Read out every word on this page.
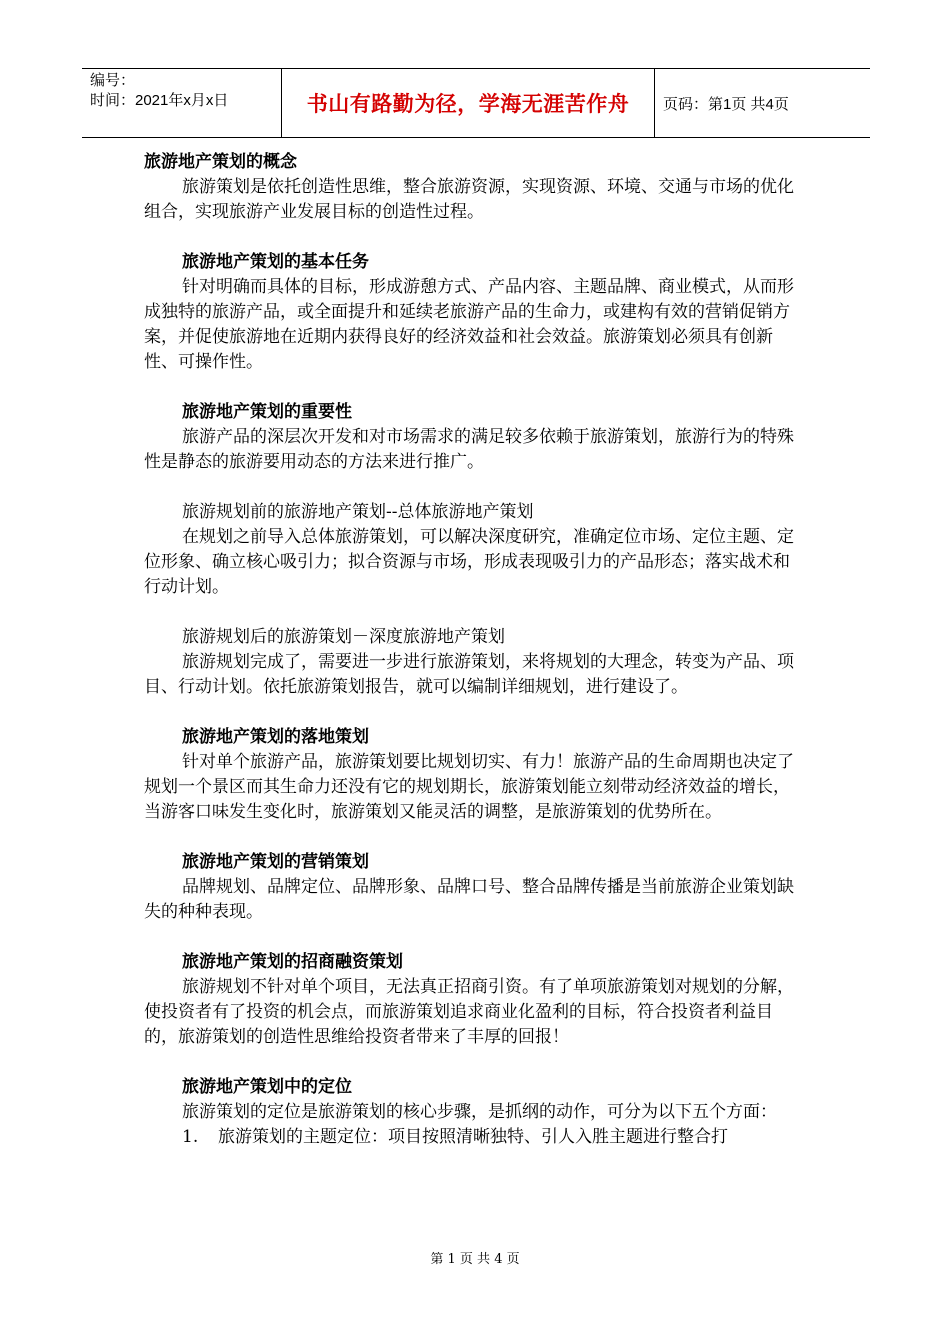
编号：
时间：2021年x月x日	书山有路勤为径，学海无涯苦作舟	页码：第1页 共4页

旅游地产策划的概念

旅游策划是依托创造性思维，整合旅游资源，实现资源、环境、交通与市场的优化组合，实现旅游产业发展目标的创造性过程。

旅游地产策划的基本任务

针对明确而具体的目标，形成游憩方式、产品内容、主题品牌、商业模式，从而形成独特的旅游产品，或全面提升和延续老旅游产品的生命力，或建构有效的营销促销方案，并促使旅游地在近期内获得良好的经济效益和社会效益。旅游策划必须具有创新性、可操作性。

旅游地产策划的重要性

旅游产品的深层次开发和对市场需求的满足较多依赖于旅游策划，旅游行为的特殊性是静态的旅游要用动态的方法来进行推广。

旅游规划前的旅游地产策划--总体旅游地产策划

在规划之前导入总体旅游策划，可以解决深度研究，准确定位市场、定位主题、定位形象、确立核心吸引力；拟合资源与市场，形成表现吸引力的产品形态；落实战术和行动计划。

旅游规划后的旅游策划－深度旅游地产策划

旅游规划完成了，需要进一步进行旅游策划，来将规划的大理念，转变为产品、项目、行动计划。依托旅游策划报告，就可以编制详细规划，进行建设了。

旅游地产策划的落地策划

针对单个旅游产品，旅游策划要比规划切实、有力！旅游产品的生命周期也决定了规划一个景区而其生命力还没有它的规划期长，旅游策划能立刻带动经济效益的增长，当游客口味发生变化时，旅游策划又能灵活的调整，是旅游策划的优势所在。

旅游地产策划的营销策划

品牌规划、品牌定位、品牌形象、品牌口号、整合品牌传播是当前旅游企业策划缺失的种种表现。

旅游地产策划的招商融资策划

旅游规划不针对单个项目，无法真正招商引资。有了单项旅游策划对规划的分解，使投资者有了投资的机会点，而旅游策划追求商业化盈利的目标，符合投资者利益目的，旅游策划的创造性思维给投资者带来了丰厚的回报！

旅游地产策划中的定位

旅游策划的定位是旅游策划的核心步骤，是抓纲的动作，可分为以下五个方面：

1. 旅游策划的主题定位：项目按照清晰独特、引人入胜主题进行整合打

第 1 页 共 4 页
